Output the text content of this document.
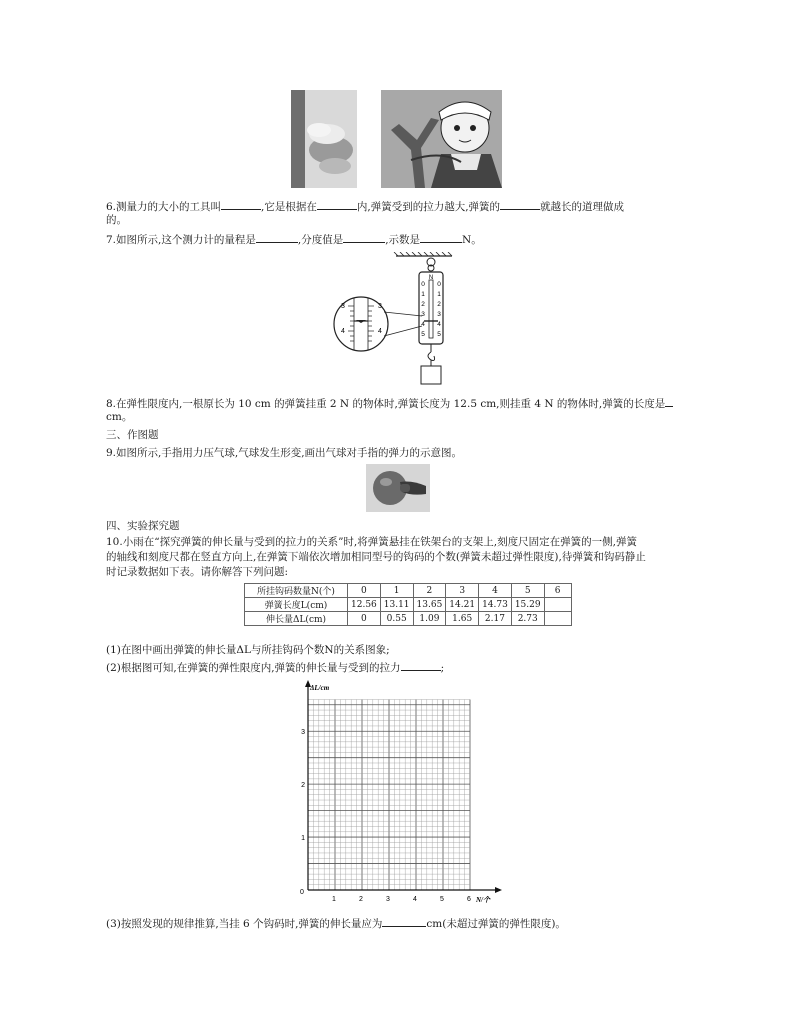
6.测量力的大小的工具叫	,它是根据在	内,弹簧受到的拉力越大,弹簧的	就越长的道理做成
的。
7.如图所示,这个测力计的量程是	,分度值是	,示数是	N。
N
0
1
2
3
4
5
0
1
2
3
4
5
3
4
3
4
8.在弹性限度内,一根原长为 10 cm 的弹簧挂重 2 N 的物体时,弹簧长度为 12.5 cm,则挂重 4 N 的物体时,弹簧的长度是
cm。
三、作图题
9.如图所示,手指用力压气球,气球发生形变,画出气球对手指的弹力的示意图。
四、实验探究题
10.小雨在“探究弹簧的伸长量与受到的拉力的关系”时,将弹簧悬挂在铁架台的支架上,刻度尺固定在弹簧的一侧,弹簧
的轴线和刻度尺都在竖直方向上,在弹簧下端依次增加相同型号的钩码的个数(弹簧未超过弹性限度),待弹簧和钩码静止
时记录数据如下表。请你解答下列问题:
所挂钩码数量N(个)	0	1	2	3	4	5	6
弹簧长度L(cm)	12.56	13.11	13.65	14.21	14.73	15.29	
伸长量ΔL(cm)	0	0.55	1.09	1.65	2.17	2.73	
(1)在图中画出弹簧的伸长量ΔL与所挂钩码个数N的关系图象;
(2)根据图可知,在弹簧的弹性限度内,弹簧的伸长量与受到的拉力	;
ΔL/cm
N/个
0
1
2
3
1	2	3	4	5	6
(3)按照发现的规律推算,当挂 6 个钩码时,弹簧的伸长量应为	cm(未超过弹簧的弹性限度)。
